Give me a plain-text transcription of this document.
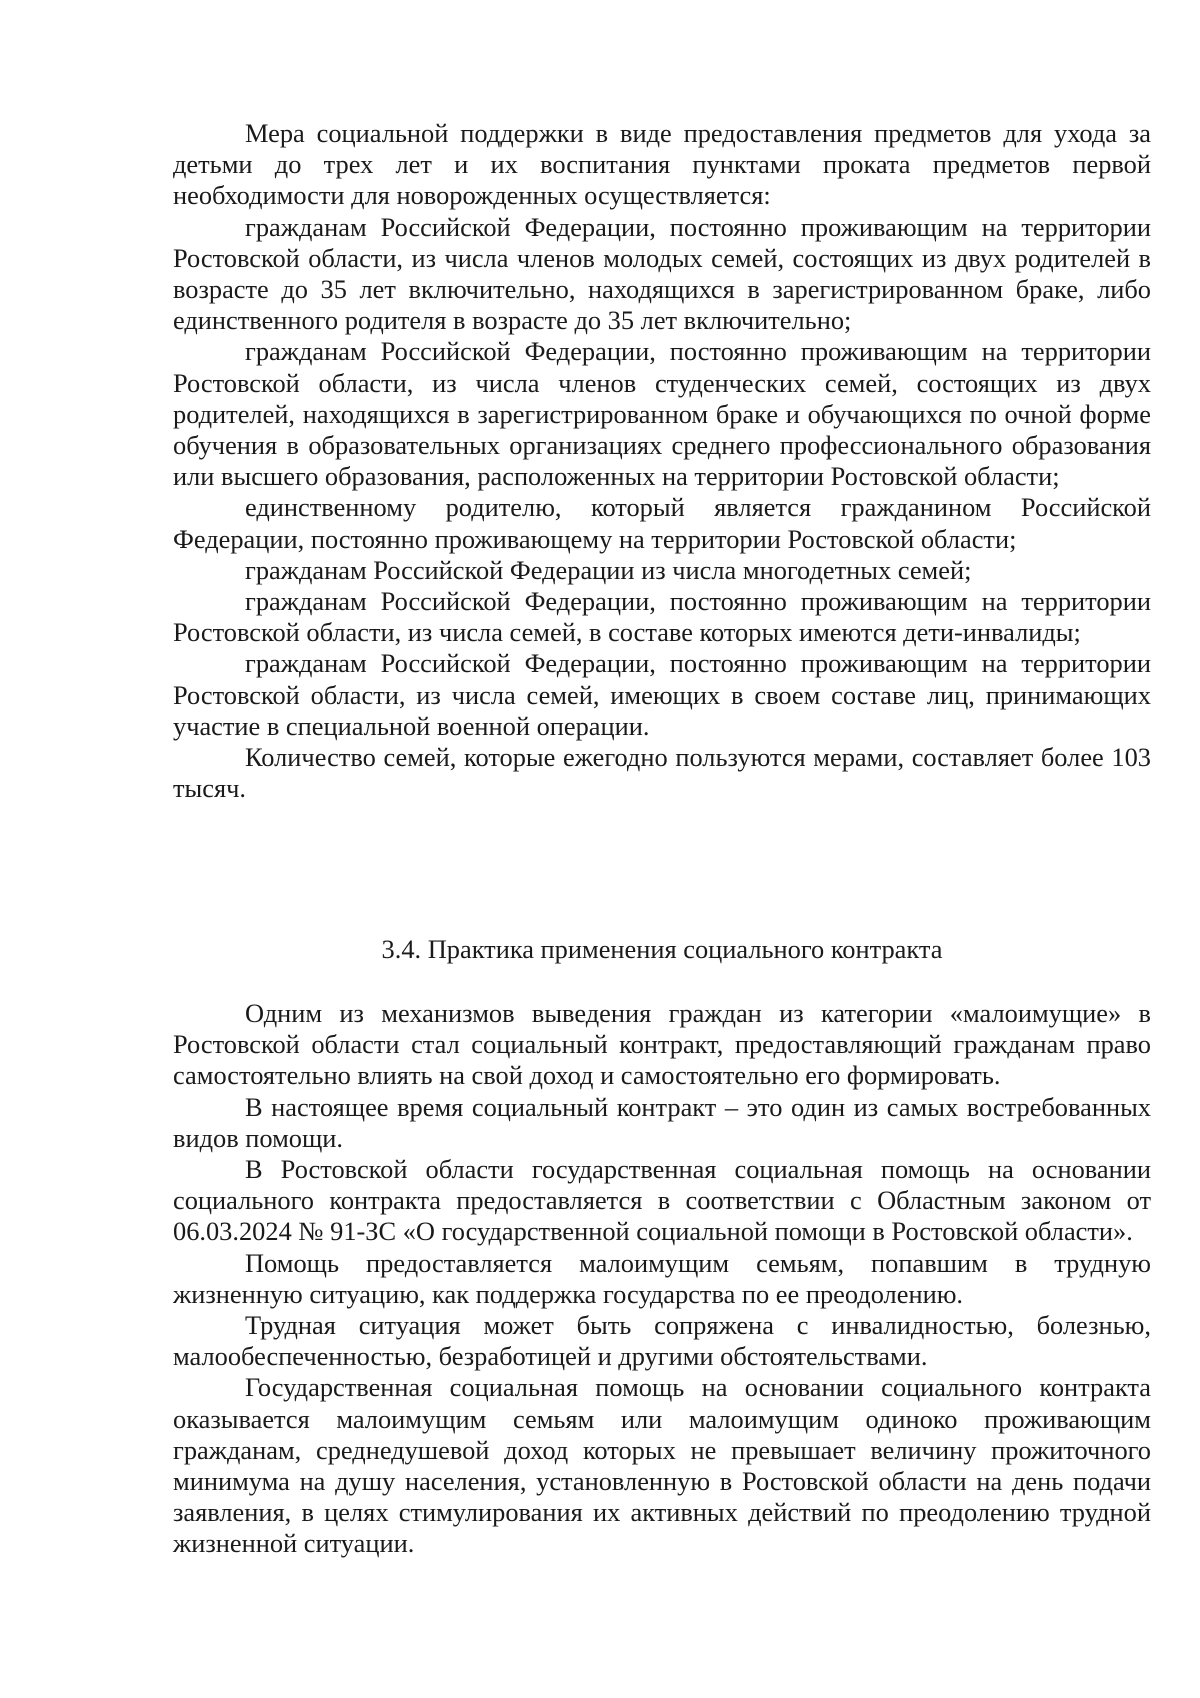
Мера социальной поддержки в виде предоставления предметов для ухода за детьми до трех лет и их воспитания пунктами проката предметов первой необходимости для новорожденных осуществляется:

гражданам Российской Федерации, постоянно проживающим на территории Ростовской области, из числа членов молодых семей, состоящих из двух родителей в возрасте до 35 лет включительно, находящихся в зарегистрированном браке, либо единственного родителя в возрасте до 35 лет включительно;

гражданам Российской Федерации, постоянно проживающим на территории Ростовской области, из числа членов студенческих семей, состоящих из двух родителей, находящихся в зарегистрированном браке и обучающихся по очной форме обучения в образовательных организациях среднего профессионального образования или высшего образования, расположенных на территории Ростовской области;

единственному родителю, который является гражданином Российской Федерации, постоянно проживающему на территории Ростовской области;

гражданам Российской Федерации из числа многодетных семей;

гражданам Российской Федерации, постоянно проживающим на территории Ростовской области, из числа семей, в составе которых имеются дети-инвалиды;

гражданам Российской Федерации, постоянно проживающим на территории Ростовской области, из числа семей, имеющих в своем составе лиц, принимающих участие в специальной военной операции.

Количество семей, которые ежегодно пользуются мерами, составляет более 103 тысяч.

3.4. Практика применения социального контракта

Одним из механизмов выведения граждан из категории «малоимущие» в Ростовской области стал социальный контракт, предоставляющий гражданам право самостоятельно влиять на свой доход и самостоятельно его формировать.

В настоящее время социальный контракт – это один из самых востребованных видов помощи.

В Ростовской области государственная социальная помощь на основании социального контракта предоставляется в соответствии с Областным законом от 06.03.2024 № 91-ЗС «О государственной социальной помощи в Ростовской области».

Помощь предоставляется малоимущим семьям, попавшим в трудную жизненную ситуацию, как поддержка государства по ее преодолению.

Трудная ситуация может быть сопряжена с инвалидностью, болезнью, малообеспеченностью, безработицей и другими обстоятельствами.

Государственная социальная помощь на основании социального контракта оказывается малоимущим семьям или малоимущим одиноко проживающим гражданам, среднедушевой доход которых не превышает величину прожиточного минимума на душу населения, установленную в Ростовской области на день подачи заявления, в целях стимулирования их активных действий по преодолению трудной жизненной ситуации.
